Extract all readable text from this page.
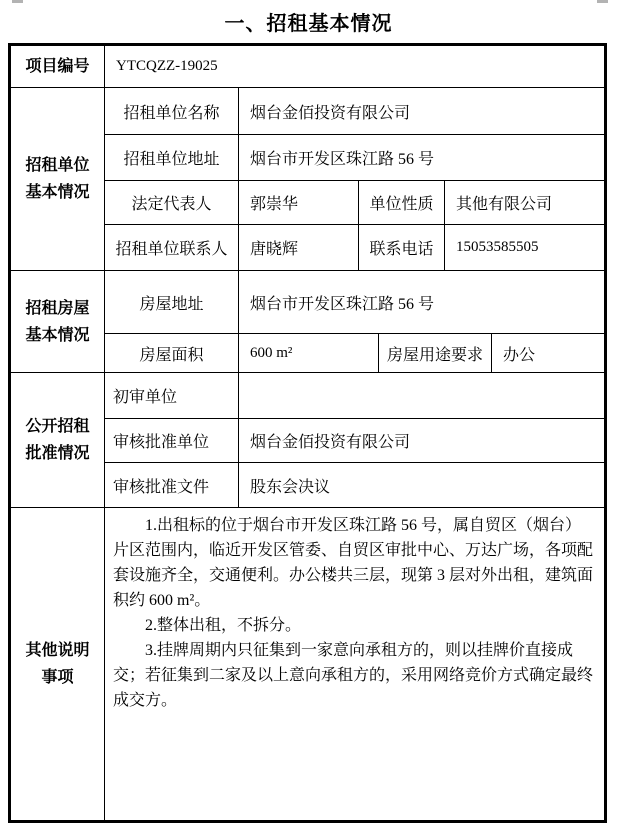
一、招租基本情况
项目编号	YTCQZZ-19025					

招租单位
基本情况	招租单位名称	烟台金佰投资有限公司				
	招租单位地址	烟台市开发区珠江路 56 号				
	法定代表人	郭崇华	单位性质		其他有限公司	
	招租单位联系人	唐晓辉	联系电话		15053585505	

招租房屋
基本情况	房屋地址	烟台市开发区珠江路 56 号				
	房屋面积	600 m²		房屋用途要求		办公

公开招租
批准情况	初审单位					
	审核批准单位	烟台金佰投资有限公司				
	审核批准文件	股东会决议				

其他说明
事项

1.出租标的位于烟台市开发区珠江路 56 号，属自贸区（烟台）片区范围内，临近开发区管委、自贸区审批中心、万达广场，各项配套设施齐全，交通便利。办公楼共三层，现第 3 层对外出租，建筑面积约 600 m²。

2.整体出租，不拆分。

3.挂牌周期内只征集到一家意向承租方的，则以挂牌价直接成交；若征集到二家及以上意向承租方的，采用网络竞价方式确定最终成交方。
